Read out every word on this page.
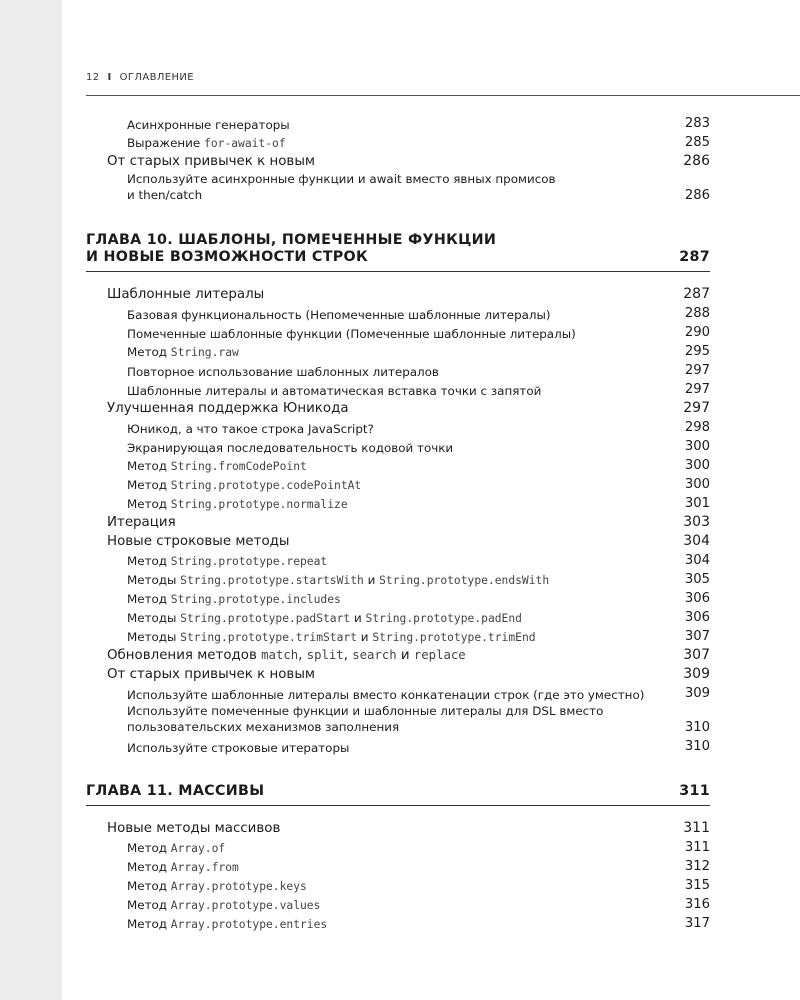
12 I ОГЛАВЛЕНИЕ
Асинхронные генераторы	283
Выражение for-await-of	285
От старых привычек к новым	286
Используйте асинхронные функции и await вместо явных промисов
и then/catch	286
ГЛАВА 10. ШАБЛОНЫ, ПОМЕЧЕННЫЕ ФУНКЦИИ
И НОВЫЕ ВОЗМОЖНОСТИ СТРОК	287
Шаблонные литералы	287
Базовая функциональность (Непомеченные шаблонные литералы)	288
Помеченные шаблонные функции (Помеченные шаблонные литералы)	290
Метод String.raw	295
Повторное использование шаблонных литералов	297
Шаблонные литералы и автоматическая вставка точки с запятой	297
Улучшенная поддержка Юникода	297
Юникод, а что такое строка JavaScript?	298
Экранирующая последовательность кодовой точки	300
Метод String.fromCodePoint	300
Метод String.prototype.codePointAt	300
Метод String.prototype.normalize	301
Итерация	303
Новые строковые методы	304
Метод String.prototype.repeat	304
Методы String.prototype.startsWith и String.prototype.endsWith	305
Метод String.prototype.includes	306
Методы String.prototype.padStart и String.prototype.padEnd	306
Методы String.prototype.trimStart и String.prototype.trimEnd	307
Обновления методов match, split, search и replace	307
От старых привычек к новым	309
Используйте шаблонные литералы вместо конкатенации строк (где это уместно)	309
Используйте помеченные функции и шаблонные литералы для DSL вместо
пользовательских механизмов заполнения	310
Используйте строковые итераторы	310
ГЛАВА 11. МАССИВЫ	311
Новые методы массивов	311
Метод Array.of	311
Метод Array.from	312
Метод Array.prototype.keys	315
Метод Array.prototype.values	316
Метод Array.prototype.entries	317
